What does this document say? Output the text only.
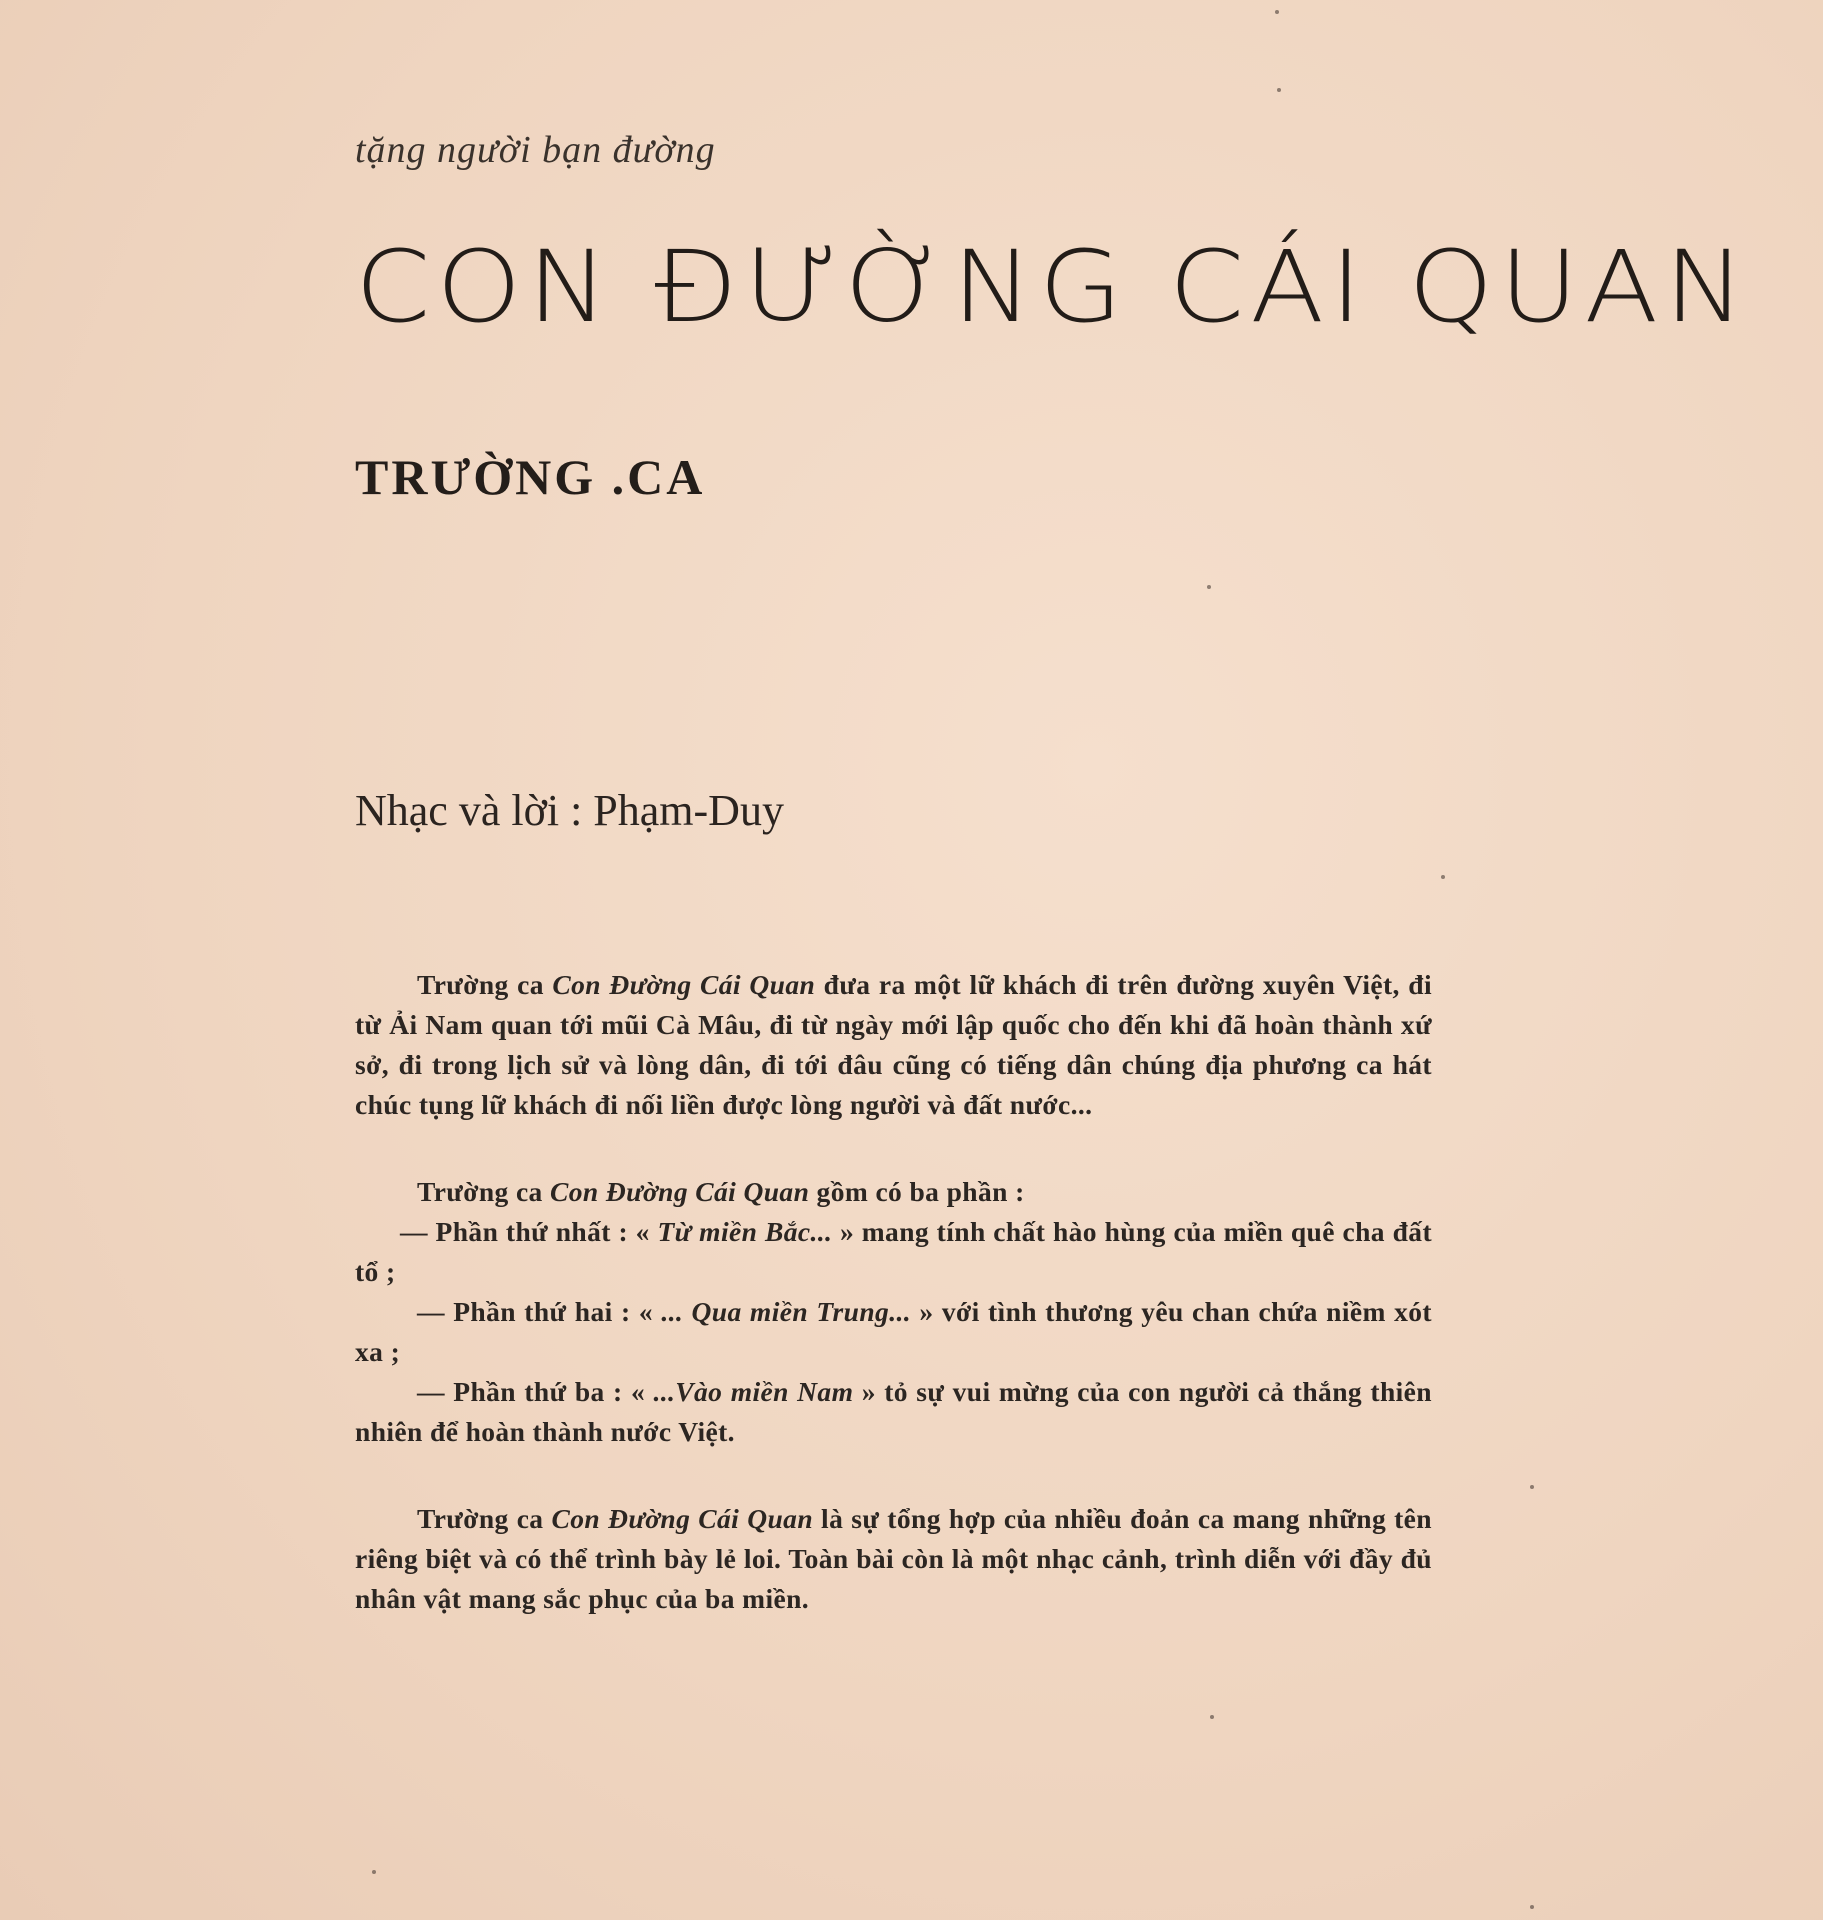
tặng người bạn đường
CON ĐƯỜNG CÁI QUAN
TRƯỜNG .CA
Nhạc và lời : Phạm-Duy

Trường ca Con Đường Cái Quan đưa ra một lữ khách đi trên đường xuyên Việt, đi từ Ải Nam quan tới mũi Cà Mâu, đi từ ngày mới lập quốc cho đến khi đã hoàn thành xứ sở, đi trong lịch sử và lòng dân, đi tới đâu cũng có tiếng dân chúng địa phương ca hát chúc tụng lữ khách đi nối liền được lòng người và đất nước...

Trường ca Con Đường Cái Quan gồm có ba phần :

— Phần thứ nhất : « Từ miền Bắc... » mang tính chất hào hùng của miền quê cha đất tổ ;

— Phần thứ hai : « ... Qua miền Trung... » với tình thương yêu chan chứa niềm xót xa ;

— Phần thứ ba : « ...Vào miền Nam » tỏ sự vui mừng của con người cả thắng thiên nhiên để hoàn thành nước Việt.

Trường ca Con Đường Cái Quan là sự tổng hợp của nhiều đoản ca mang những tên riêng biệt và có thể trình bày lẻ loi. Toàn bài còn là một nhạc cảnh, trình diễn với đầy đủ nhân vật mang sắc phục của ba miền.
